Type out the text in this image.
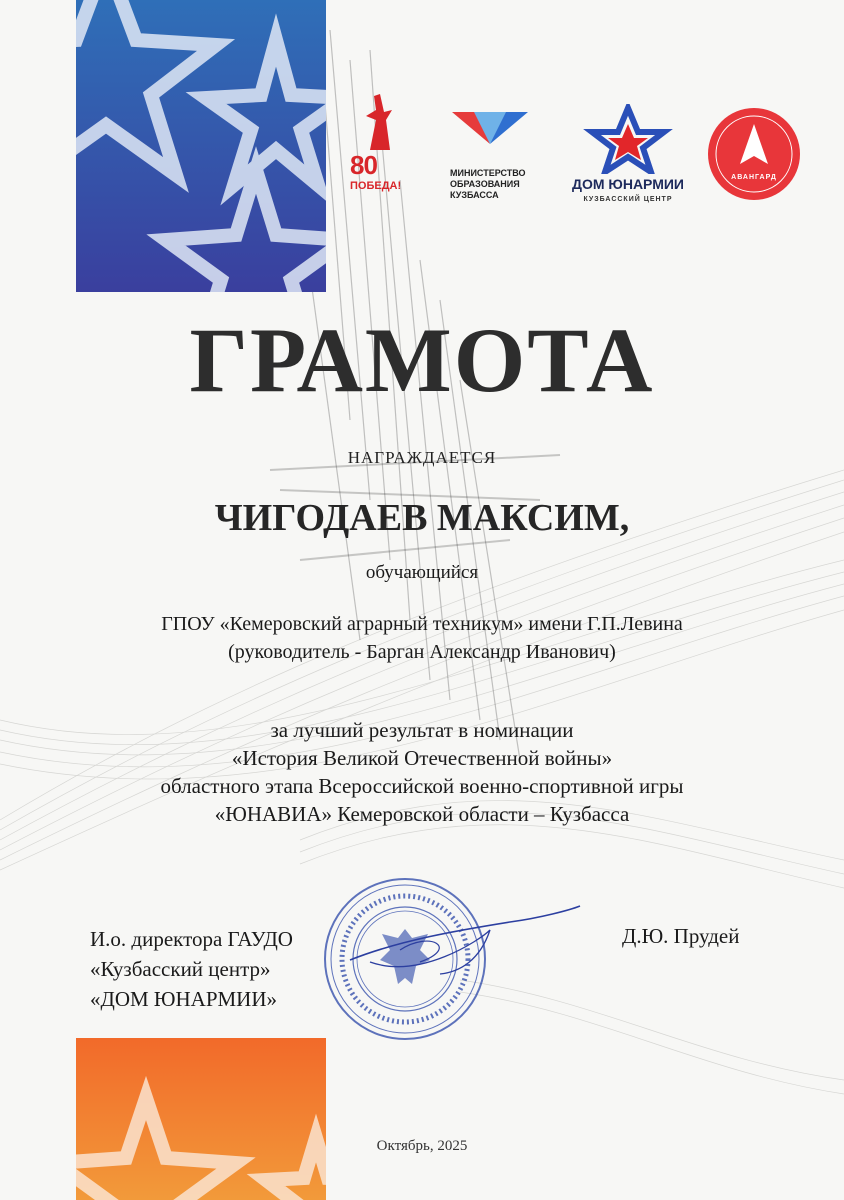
80
ПОБЕДА!
МИНИСТЕРСТВО
ОБРАЗОВАНИЯ
КУЗБАССА
ДОМ ЮНАРМИИ
КУЗБАССКИЙ ЦЕНТР
АВАНГАРД
ГРАМОТА
НАГРАЖДАЕТСЯ
ЧИГОДАЕВ МАКСИМ,
обучающийся
ГПОУ «Кемеровский аграрный техникум» имени Г.П.Левина
(руководитель - Барган Александр Иванович)
за лучший результат в номинации
«История Великой Отечественной войны»
областного этапа Всероссийской военно-спортивной игры
«ЮНАВИА» Кемеровской области – Кузбасса
И.о. директора ГАУДО
«Кузбасский центр»
«ДОМ ЮНАРМИИ»
Д.Ю. Прудей
Октябрь, 2025
